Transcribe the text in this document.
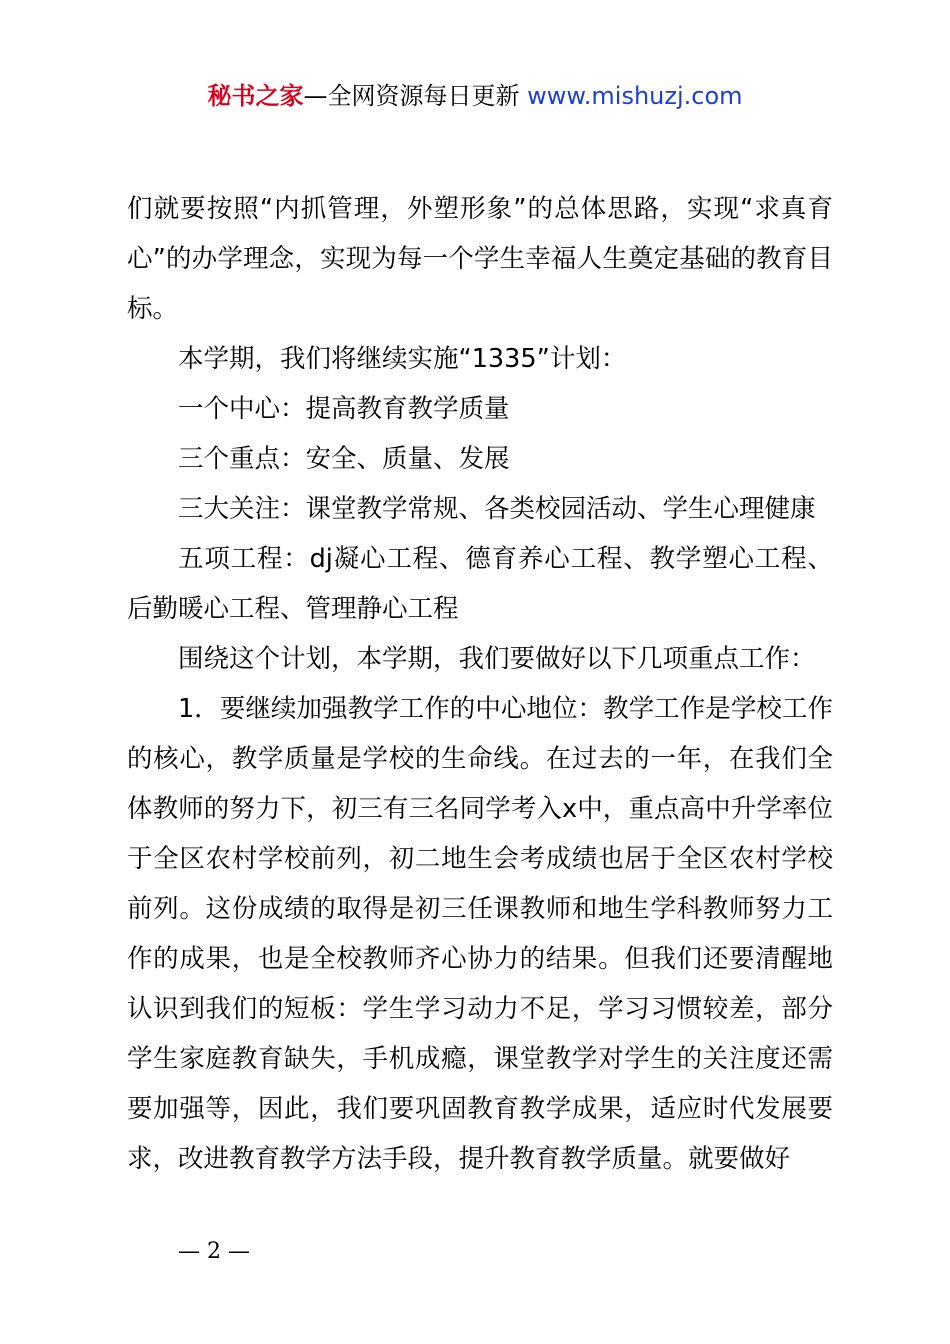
秘书之家—全网资源每日更新 www.mishuzj.com

们就要按照“内抓管理，外塑形象”的总体思路，实现“求真育心”的办学理念，实现为每一个学生幸福人生奠定基础的教育目标。

本学期，我们将继续实施“1335”计划：

一个中心：提高教育教学质量

三个重点：安全、质量、发展

三大关注：课堂教学常规、各类校园活动、学生心理健康

五项工程：dj凝心工程、德育养心工程、教学塑心工程、后勤暖心工程、管理静心工程

围绕这个计划，本学期，我们要做好以下几项重点工作：

1．要继续加强教学工作的中心地位：教学工作是学校工作的核心，教学质量是学校的生命线。在过去的一年，在我们全体教师的努力下，初三有三名同学考入x中，重点高中升学率位于全区农村学校前列，初二地生会考成绩也居于全区农村学校前列。这份成绩的取得是初三任课教师和地生学科教师努力工作的成果，也是全校教师齐心协力的结果。但我们还要清醒地认识到我们的短板：学生学习动力不足，学习习惯较差，部分学生家庭教育缺失，手机成瘾，课堂教学对学生的关注度还需要加强等，因此，我们要巩固教育教学成果，适应时代发展要求，改进教育教学方法手段，提升教育教学质量。就要做好

— 2 —
